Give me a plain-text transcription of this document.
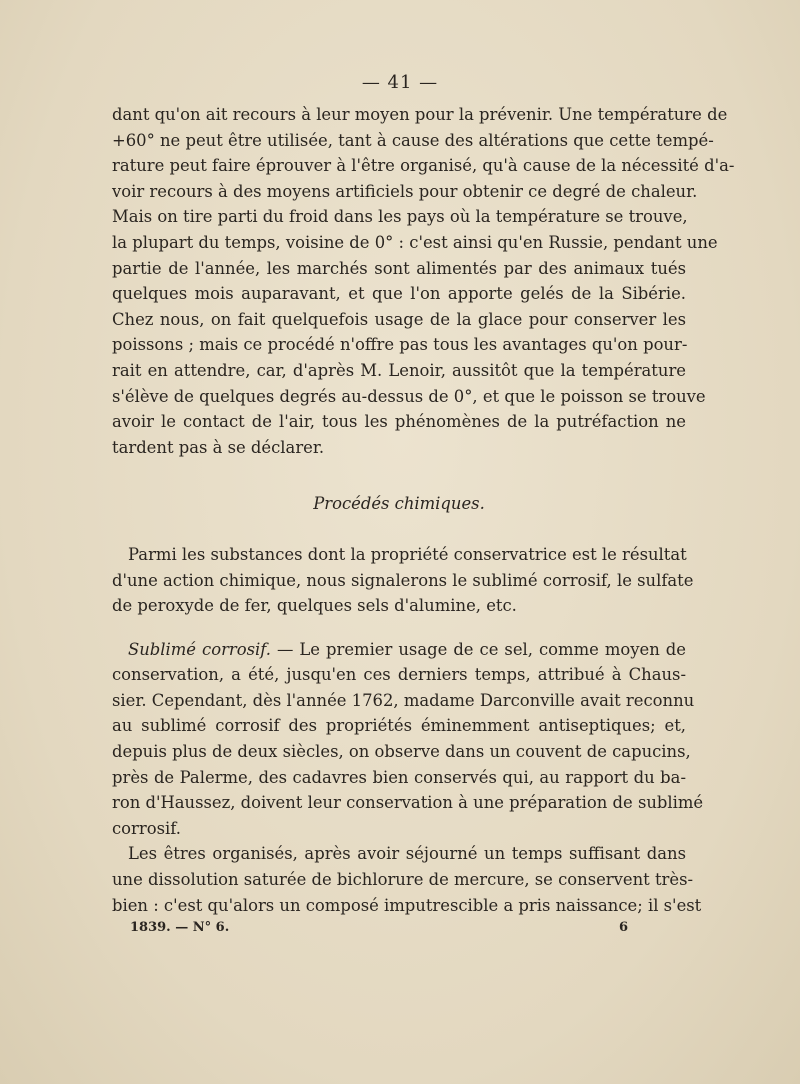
— 41 —
dant qu'on ait recours à leur moyen pour la prévenir. Une température de
+60° ne peut être utilisée, tant à cause des altérations que cette tempé-
rature peut faire éprouver à l'être organisé, qu'à cause de la nécessité d'a-
voir recours à des moyens artificiels pour obtenir ce degré de chaleur.
Mais on tire parti du froid dans les pays où la température se trouve,
la plupart du temps, voisine de 0° : c'est ainsi qu'en Russie, pendant une
partie de l'année, les marchés sont alimentés par des animaux tués
quelques mois auparavant, et que l'on apporte gelés de la Sibérie.
Chez nous, on fait quelquefois usage de la glace pour conserver les
poissons ; mais ce procédé n'offre pas tous les avantages qu'on pour-
rait en attendre, car, d'après M. Lenoir, aussitôt que la température
s'élève de quelques degrés au-dessus de 0°, et que le poisson se trouve
avoir le contact de l'air, tous les phénomènes de la putréfaction ne
tardent pas à se déclarer.
Procédés chimiques.
Parmi les substances dont la propriété conservatrice est le résultat
d'une action chimique, nous signalerons le sublimé corrosif, le sulfate
de peroxyde de fer, quelques sels d'alumine, etc.
Sublimé corrosif. — Le premier usage de ce sel, comme moyen de
conservation, a été, jusqu'en ces derniers temps, attribué à Chaus-
sier. Cependant, dès l'année 1762, madame Darconville avait reconnu
au sublimé corrosif des propriétés éminemment antiseptiques; et,
depuis plus de deux siècles, on observe dans un couvent de capucins,
près de Palerme, des cadavres bien conservés qui, au rapport du ba-
ron d'Haussez, doivent leur conservation à une préparation de sublimé
corrosif.
Les êtres organisés, après avoir séjourné un temps suffisant dans
une dissolution saturée de bichlorure de mercure, se conservent très-
bien : c'est qu'alors un composé imputrescible a pris naissance; il s'est
1839. — N° 6.	6
